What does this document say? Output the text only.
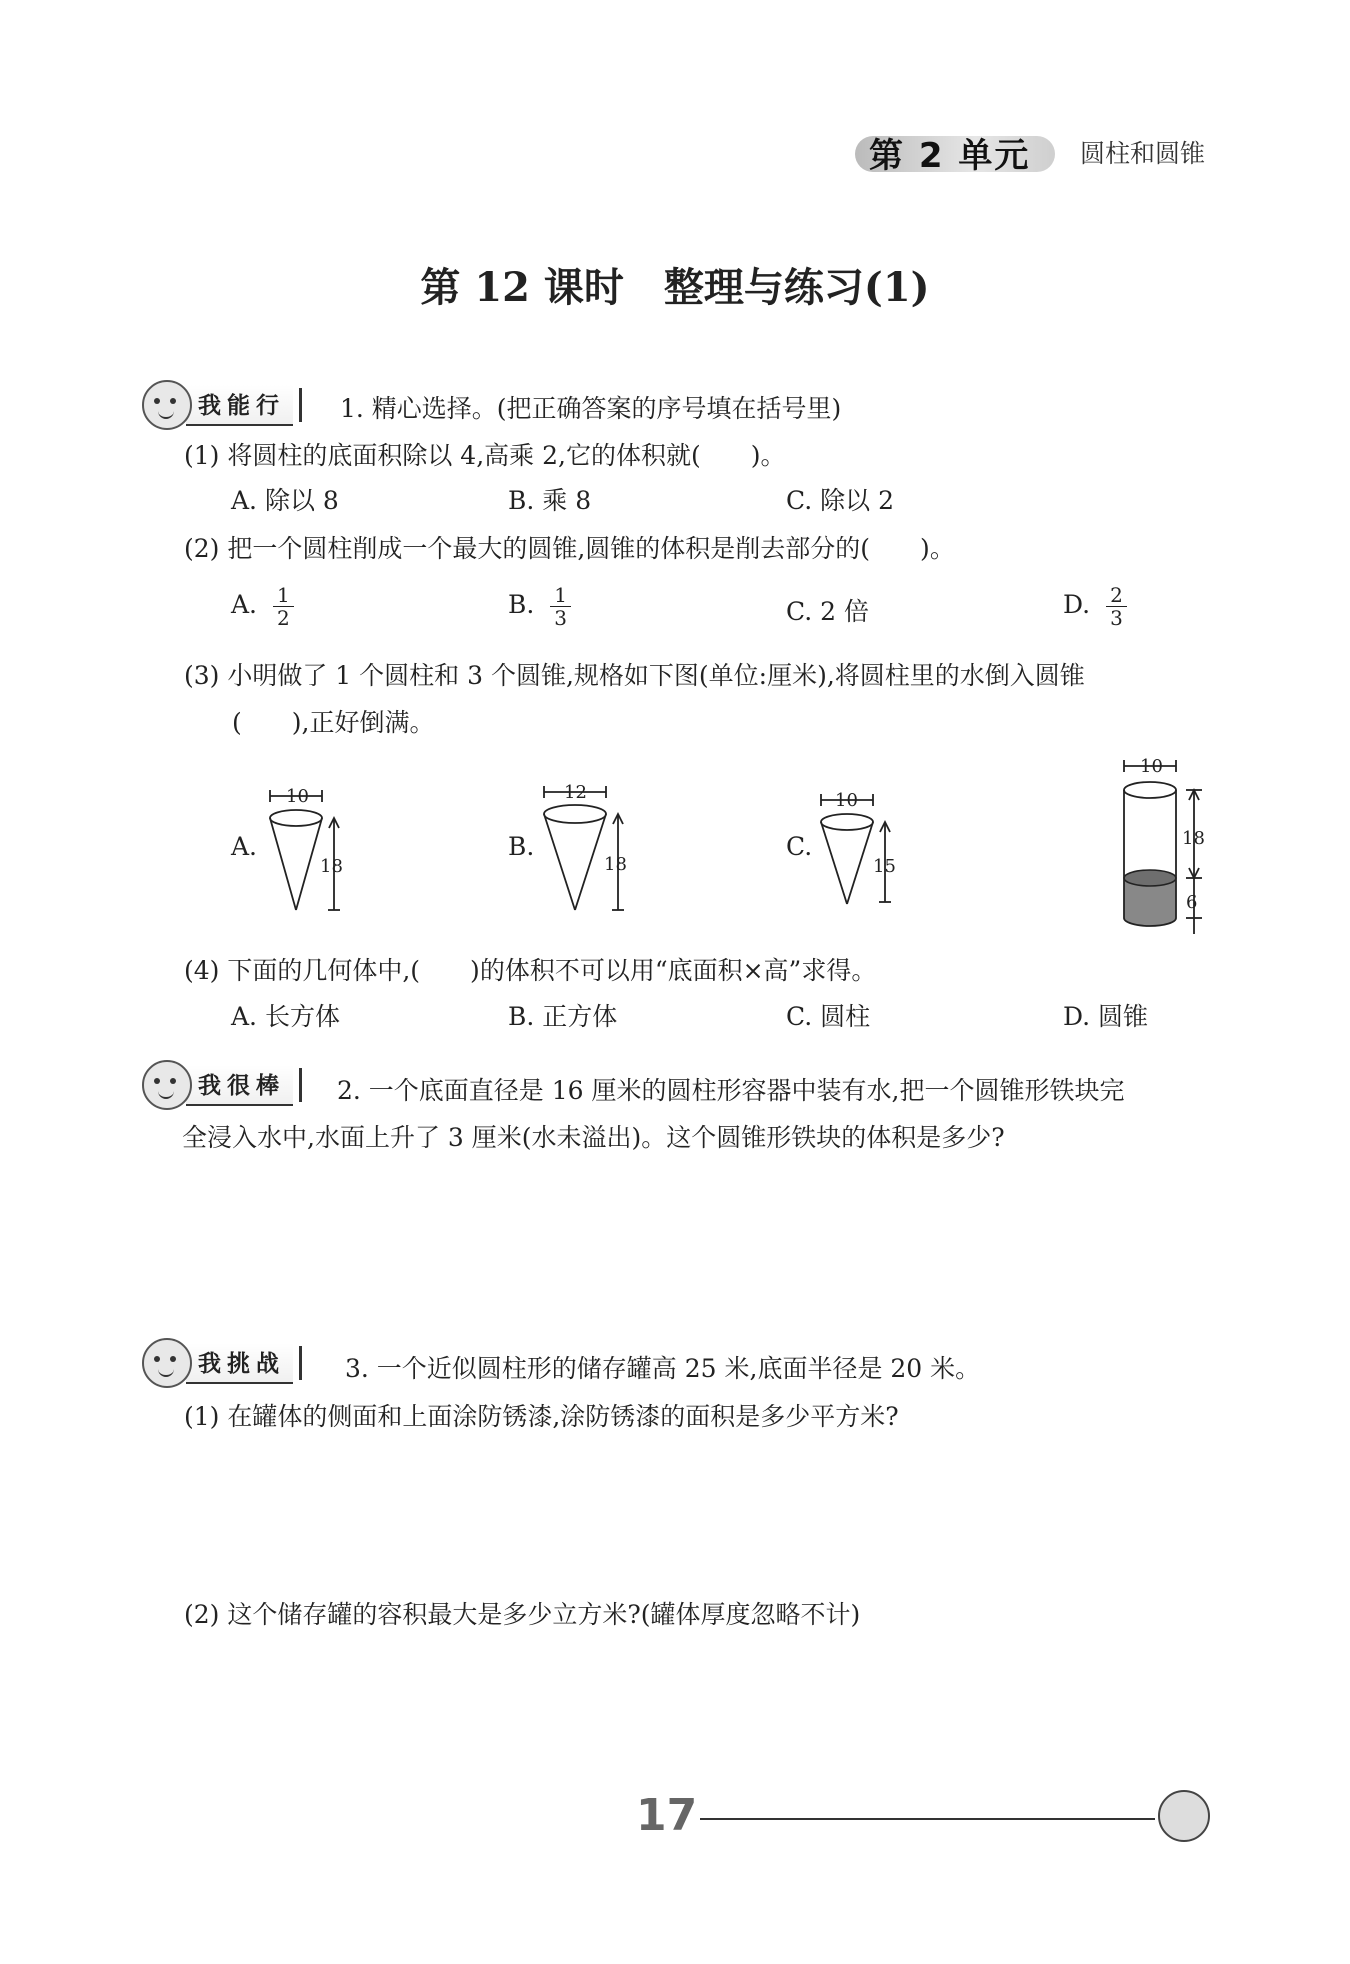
第 2 单元 圆柱和圆锥
第 12 课时　整理与练习(1)
我能行	1. 精心选择。(把正确答案的序号填在括号里)
(1) 将圆柱的底面积除以 4,高乘 2,它的体积就(　　)。
A. 除以 8	B. 乘 8	C. 除以 2
(2) 把一个圆柱削成一个最大的圆锥,圆锥的体积是削去部分的(　　)。
A. $\frac{1}{2}$	B. $\frac{1}{3}$	C. 2 倍	D. $\frac{2}{3}$
(3) 小明做了 1 个圆柱和 3 个圆锥,规格如下图(单位:厘米),将圆柱里的水倒入圆锥
(　　),正好倒满。
A.	B.	C.
10
18
12
18
10
15
10
18
6
(4) 下面的几何体中,(　　)的体积不可以用“底面积×高”求得。
A. 长方体	B. 正方体	C. 圆柱	D. 圆锥
我很棒	2. 一个底面直径是 16 厘米的圆柱形容器中装有水,把一个圆锥形铁块完
全浸入水中,水面上升了 3 厘米(水未溢出)。这个圆锥形铁块的体积是多少?
我挑战	3. 一个近似圆柱形的储存罐高 25 米,底面半径是 20 米。
(1) 在罐体的侧面和上面涂防锈漆,涂防锈漆的面积是多少平方米?
(2) 这个储存罐的容积最大是多少立方米?(罐体厚度忽略不计)
17
